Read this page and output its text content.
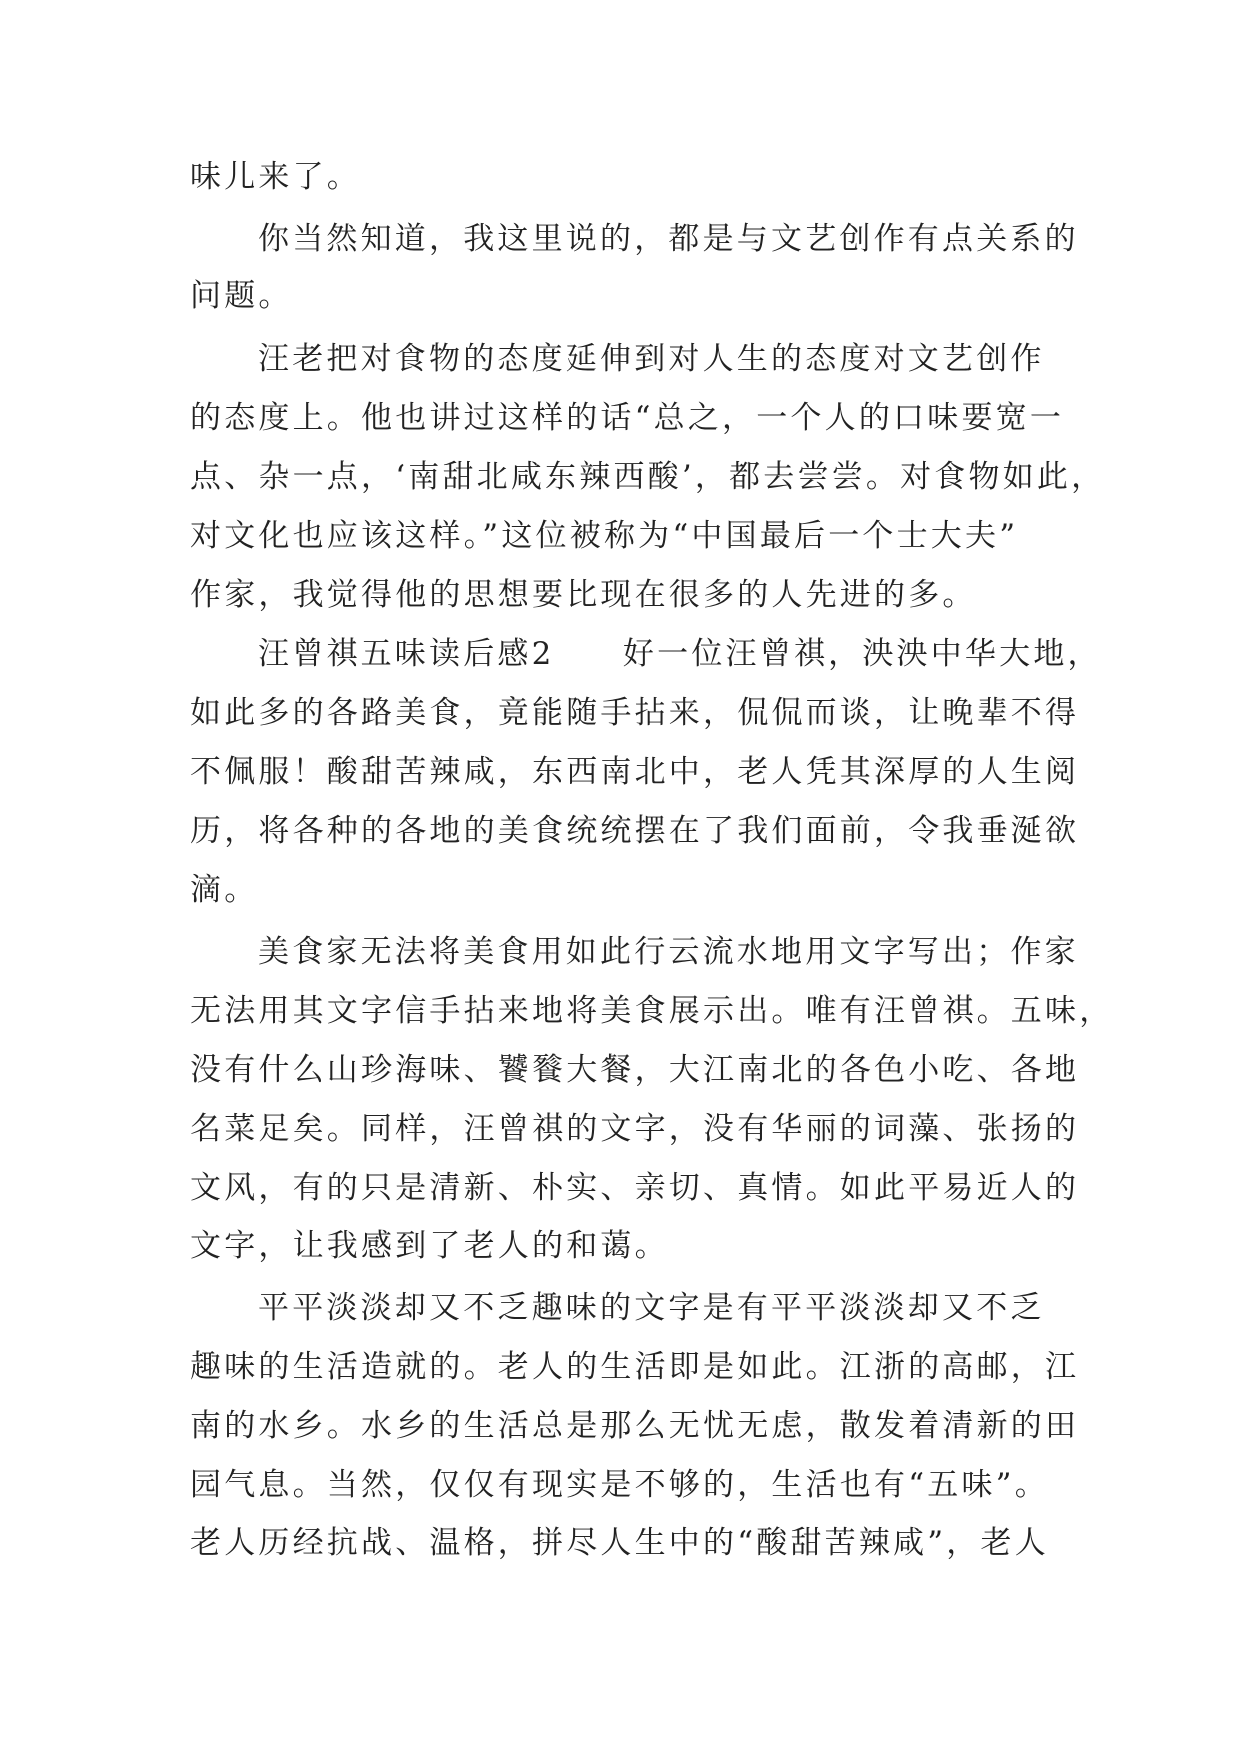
味儿来了。
你当然知道，我这里说的，都是与文艺创作有点关系的
问题。
汪老把对食物的态度延伸到对人生的态度对文艺创作
的态度上。他也讲过这样的话“总之，一个人的口味要宽一
点、杂一点，‘南甜北咸东辣西酸’，都去尝尝。对食物如此，
对文化也应该这样。”这位被称为“中国最后一个士大夫”
作家，我觉得他的思想要比现在很多的人先进的多。
汪曾祺五味读后感2　　好一位汪曾祺，泱泱中华大地，
如此多的各路美食，竟能随手拈来，侃侃而谈，让晚辈不得
不佩服！酸甜苦辣咸，东西南北中，老人凭其深厚的人生阅
历，将各种的各地的美食统统摆在了我们面前，令我垂涎欲
滴。
美食家无法将美食用如此行云流水地用文字写出；作家
无法用其文字信手拈来地将美食展示出。唯有汪曾祺。五味，
没有什么山珍海味、饕餮大餐，大江南北的各色小吃、各地
名菜足矣。同样，汪曾祺的文字，没有华丽的词藻、张扬的
文风，有的只是清新、朴实、亲切、真情。如此平易近人的
文字，让我感到了老人的和蔼。
平平淡淡却又不乏趣味的文字是有平平淡淡却又不乏
趣味的生活造就的。老人的生活即是如此。江浙的高邮，江
南的水乡。水乡的生活总是那么无忧无虑，散发着清新的田
园气息。当然，仅仅有现实是不够的，生活也有“五味”。
老人历经抗战、温格，拼尽人生中的“酸甜苦辣咸”，老人
